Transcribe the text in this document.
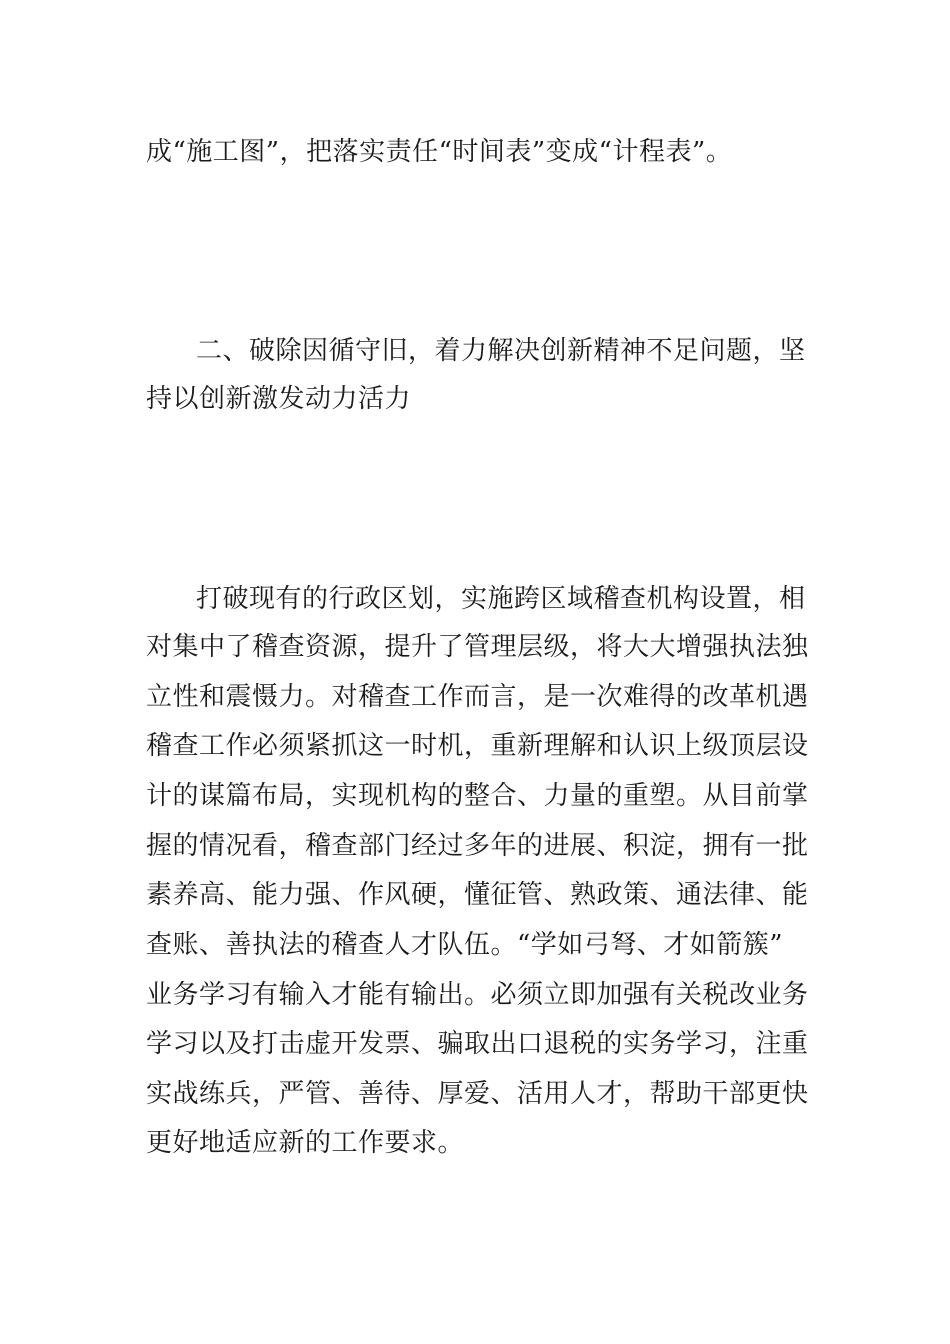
成“施工图”，把落实责任“时间表”变成“计程表”。
二、破除因循守旧，着力解决创新精神不足问题，坚
持以创新激发动力活力
打破现有的行政区划，实施跨区域稽查机构设置，相
对集中了稽查资源，提升了管理层级，将大大增强执法独
立性和震慑力。对稽查工作而言，是一次难得的改革机遇
稽查工作必须紧抓这一时机，重新理解和认识上级顶层设
计的谋篇布局，实现机构的整合、力量的重塑。从目前掌
握的情况看，稽查部门经过多年的进展、积淀，拥有一批
素养高、能力强、作风硬，懂征管、熟政策、通法律、能
查账、善执法的稽查人才队伍。“学如弓弩、才如箭簇”
业务学习有输入才能有输出。必须立即加强有关税改业务
学习以及打击虚开发票、骗取出口退税的实务学习，注重
实战练兵，严管、善待、厚爱、活用人才，帮助干部更快
更好地适应新的工作要求。
